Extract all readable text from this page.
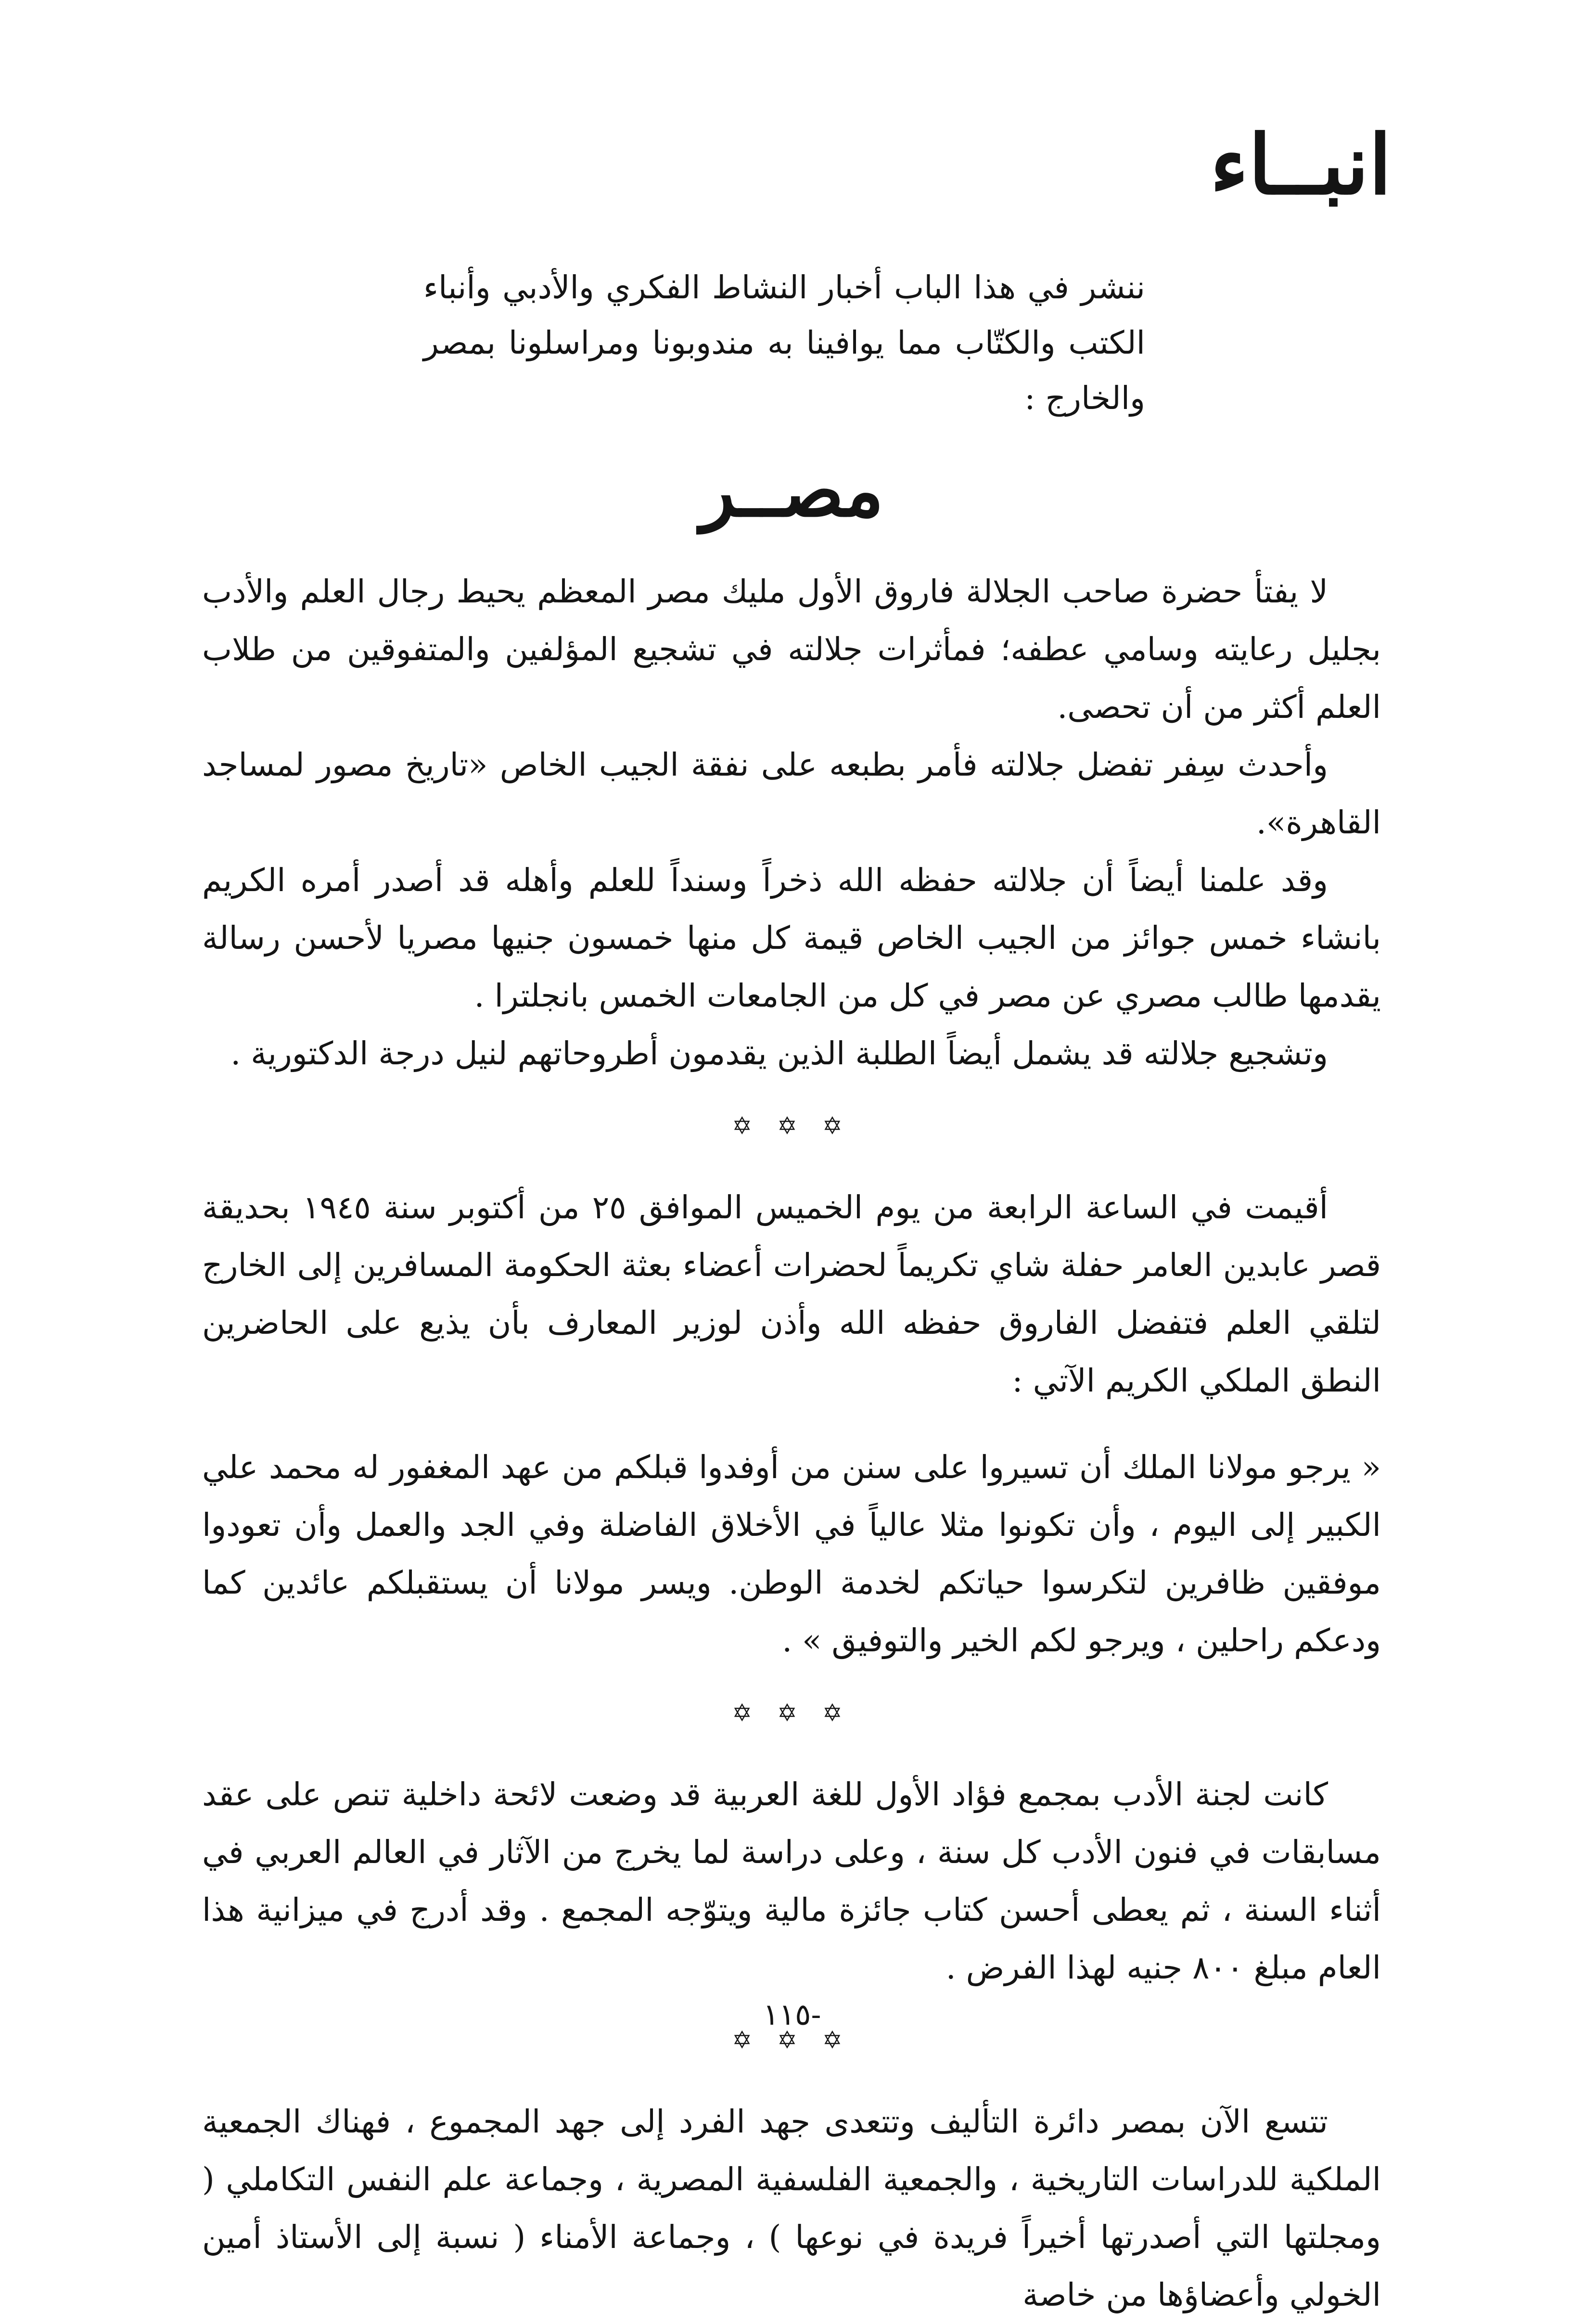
انبــاء
ننشر في هذا الباب أخبار النشاط الفكري والأدبي وأنباء الكتب والكتّاب مما يوافينا به مندوبونا ومراسلونا بمصر والخارج :
مصــر

لا يفتأ حضرة صاحب الجلالة فاروق الأول مليك مصر المعظم يحيط رجال العلم والأدب بجليل رعايته وسامي عطفه؛ فمأثرات جلالته في تشجيع المؤلفين والمتفوقين من طلاب العلم أكثر من أن تحصى.

وأحدث سِفر تفضل جلالته فأمر بطبعه على نفقة الجيب الخاص «تاريخ مصور لمساجد القاهرة».

وقد علمنا أيضاً أن جلالته حفظه الله ذخراً وسنداً للعلم وأهله قد أصدر أمره الكريم بانشاء خمس جوائز من الجيب الخاص قيمة كل منها خمسون جنيها مصريا لأحسن رسالة يقدمها طالب مصري عن مصر في كل من الجامعات الخمس بانجلترا .

وتشجيع جلالته قد يشمل أيضاً الطلبة الذين يقدمون أطروحاتهم لنيل درجة الدكتورية .

✡ ✡ ✡

أقيمت في الساعة الرابعة من يوم الخميس الموافق ٢٥ من أكتوبر سنة ١٩٤٥ بحديقة قصر عابدين العامر حفلة شاي تكريماً لحضرات أعضاء بعثة الحكومة المسافرين إلى الخارج لتلقي العلم فتفضل الفاروق حفظه الله وأذن لوزير المعارف بأن يذيع على الحاضرين النطق الملكي الكريم الآتي :

« يرجو مولانا الملك أن تسيروا على سنن من أوفدوا قبلكم من عهد المغفور له محمد علي الكبير إلى اليوم ، وأن تكونوا مثلا عالياً في الأخلاق الفاضلة وفي الجد والعمل وأن تعودوا موفقين ظافرين لتكرسوا حياتكم لخدمة الوطن. ويسر مولانا أن يستقبلكم عائدين كما ودعكم راحلين ، ويرجو لكم الخير والتوفيق » .

✡ ✡ ✡

كانت لجنة الأدب بمجمع فؤاد الأول للغة العربية قد وضعت لائحة داخلية تنص على عقد مسابقات في فنون الأدب كل سنة ، وعلى دراسة لما يخرج من الآثار في العالم العربي في أثناء السنة ، ثم يعطى أحسن كتاب جائزة مالية ويتوّجه المجمع . وقد أدرج في ميزانية هذا العام مبلغ ٨٠٠ جنيه لهذا الفرض .

✡ ✡ ✡

تتسع الآن بمصر دائرة التأليف وتتعدى جهد الفرد إلى جهد المجموع ، فهناك الجمعية الملكية للدراسات التاريخية ، والجمعية الفلسفية المصرية ، وجماعة علم النفس التكاملي ( ومجلتها التي أصدرتها أخيراً فريدة في نوعها ) ، وجماعة الأمناء ( نسبة إلى الأستاذ أمين الخولي وأعضاؤها من خاصة

-١١٥
